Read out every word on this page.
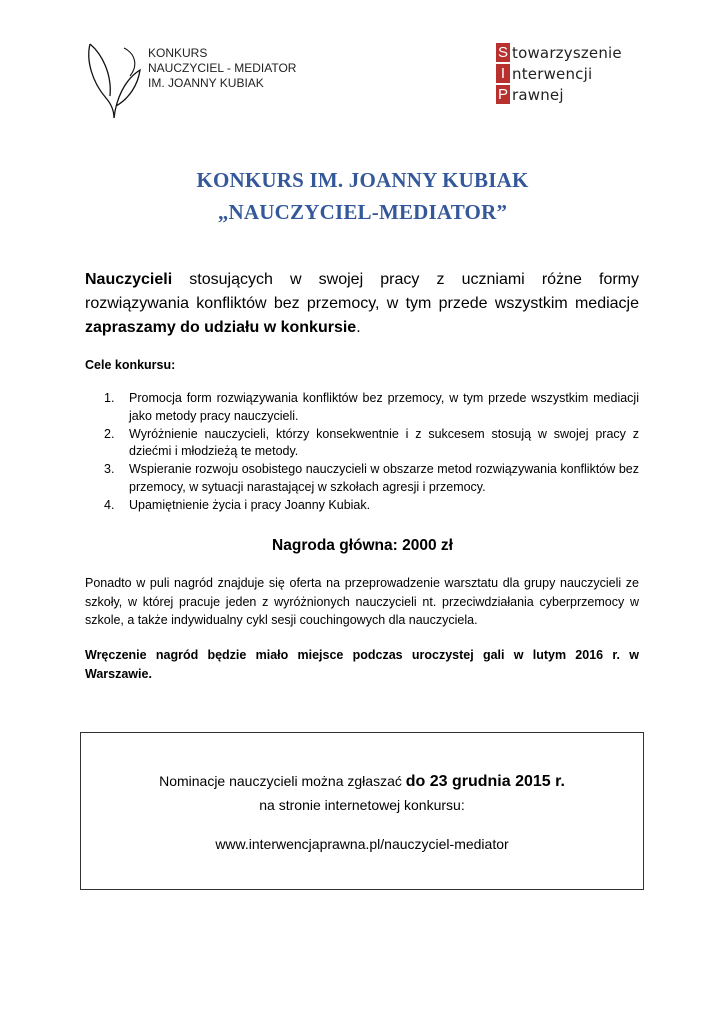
KONKURS
NAUCZYCIEL - MEDIATOR
IM. JOANNY KUBIAK
S towarzyszenie
I nterwencji
P rawnej
KONKURS IM. JOANNY KUBIAK
„NAUCZYCIEL-MEDIATOR”

Nauczycieli stosujących w swojej pracy z uczniami różne formy rozwiązywania konfliktów bez przemocy, w tym przede wszystkim mediacje zapraszamy do udziału w konkursie.

Cele konkursu:
1. Promocja form rozwiązywania konfliktów bez przemocy, w tym przede wszystkim mediacji jako metody pracy nauczycieli.
2. Wyróżnienie nauczycieli, którzy konsekwentnie i z sukcesem stosują w swojej pracy z dziećmi i młodzieżą te metody.
3. Wspieranie rozwoju osobistego nauczycieli w obszarze metod rozwiązywania konfliktów bez przemocy, w sytuacji narastającej w szkołach agresji i przemocy.
4. Upamiętnienie życia i pracy Joanny Kubiak.
Nagroda główna: 2000 zł

Ponadto w puli nagród znajduje się oferta na przeprowadzenie warsztatu dla grupy nauczycieli ze szkoły, w której pracuje jeden z wyróżnionych nauczycieli nt. przeciwdziałania cyberprzemocy w szkole, a także indywidualny cykl sesji couchingowych dla nauczyciela.

Wręczenie nagród będzie miało miejsce podczas uroczystej gali w lutym 2016 r. w Warszawie.

Nominacje nauczycieli można zgłaszać do 23 grudnia 2015 r.
na stronie internetowej konkursu:
www.interwencjaprawna.pl/nauczyciel-mediator
